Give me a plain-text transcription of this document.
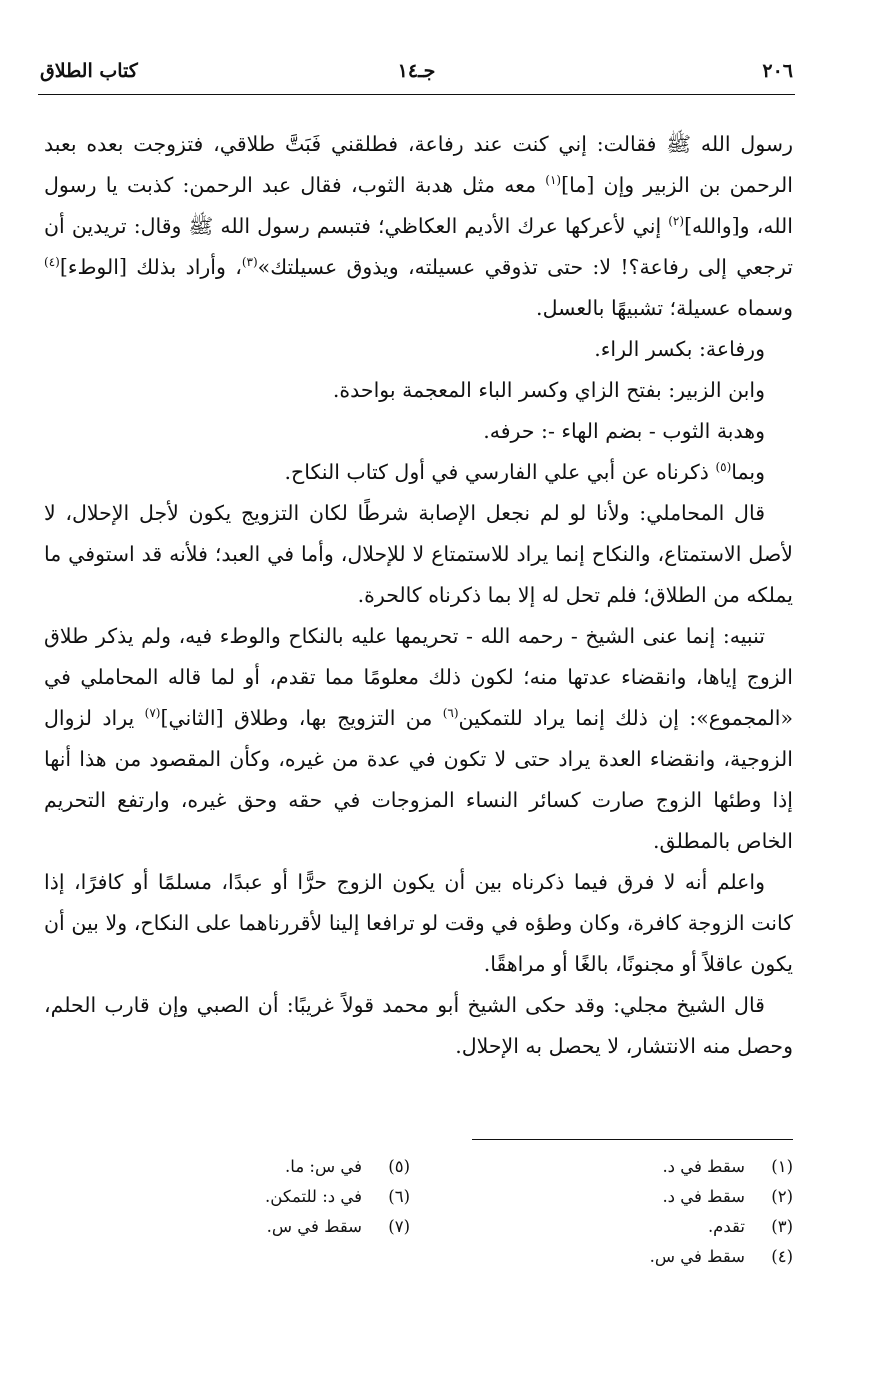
٢٠٦
جـ١٤
كتاب الطلاق

رسول الله ﷺ فقالت: إني كنت عند رفاعة، فطلقني فَبَتَّ طلاقي، فتزوجت بعده بعبد الرحمن بن الزبير وإن [ما]$^{(١)}$ معه مثل هدبة الثوب، فقال عبد الرحمن: كذبت يا رسول الله، و[والله]$^{(٢)}$ إني لأعركها عرك الأديم العكاظي؛ فتبسم رسول الله ﷺ وقال: تريدين أن ترجعي إلى رفاعة؟! لا: حتى تذوقي عسيلته، ويذوق عسيلتك»$^{(٣)}$، وأراد بذلك [الوطء]$^{(٤)}$ وسماه عسيلة؛ تشبيهًا بالعسل.

ورفاعة: بكسر الراء.

وابن الزبير: بفتح الزاي وكسر الباء المعجمة بواحدة.

وهدبة الثوب - بضم الهاء -: حرفه.

وبما$^{(٥)}$ ذكرناه عن أبي علي الفارسي في أول كتاب النكاح.

قال المحاملي: ولأنا لو لم نجعل الإصابة شرطًا لكان التزويج يكون لأجل الإحلال، لا لأصل الاستمتاع، والنكاح إنما يراد للاستمتاع لا للإحلال، وأما في العبد؛ فلأنه قد استوفي ما يملكه من الطلاق؛ فلم تحل له إلا بما ذكرناه كالحرة.

تنبيه: إنما عنى الشيخ - رحمه الله - تحريمها عليه بالنكاح والوطء فيه، ولم يذكر طلاق الزوج إياها، وانقضاء عدتها منه؛ لكون ذلك معلومًا مما تقدم، أو لما قاله المحاملي في «المجموع»: إن ذلك إنما يراد للتمكين$^{(٦)}$ من التزويج بها، وطلاق [الثاني]$^{(٧)}$ يراد لزوال الزوجية، وانقضاء العدة يراد حتى لا تكون في عدة من غيره، وكأن المقصود من هذا أنها إذا وطئها الزوج صارت كسائر النساء المزوجات في حقه وحق غيره، وارتفع التحريم الخاص بالمطلق.

واعلم أنه لا فرق فيما ذكرناه بين أن يكون الزوج حرًّا أو عبدًا، مسلمًا أو كافرًا، إذا كانت الزوجة كافرة، وكان وطؤه في وقت لو ترافعا إلينا لأقررناهما على النكاح، ولا بين أن يكون عاقلاً أو مجنونًا، بالغًا أو مراهقًا.

قال الشيخ مجلي: وقد حكى الشيخ أبو محمد قولاً غريبًا: أن الصبي وإن قارب الحلم، وحصل منه الانتشار، لا يحصل به الإحلال.

(١)سقط في د.
(٢)سقط في د.
(٣)تقدم.
(٤)سقط في س.
(٥)في س: ما.
(٦)في د: للتمكن.
(٧)سقط في س.
